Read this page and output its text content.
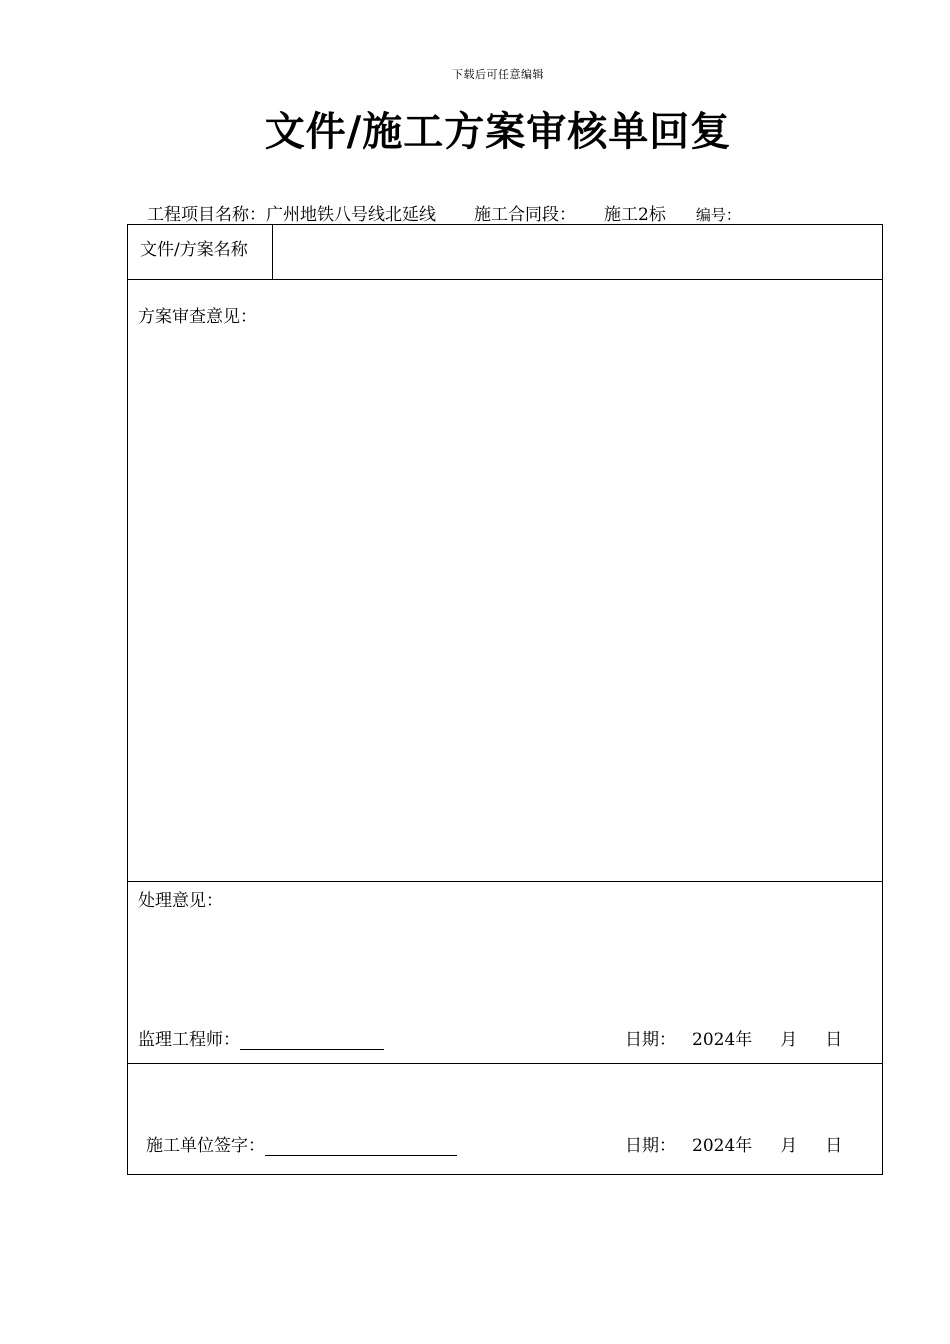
下载后可任意编辑
文件/施工方案审核单回复
工程项目名称：广州地铁八号线北延线 施工合同段： 施工2标 编号：
文件/方案名称
方案审查意见：
处理意见：
监理工程师：	日期： 2024年 月 日
施工单位签字：	日期： 2024年 月 日
